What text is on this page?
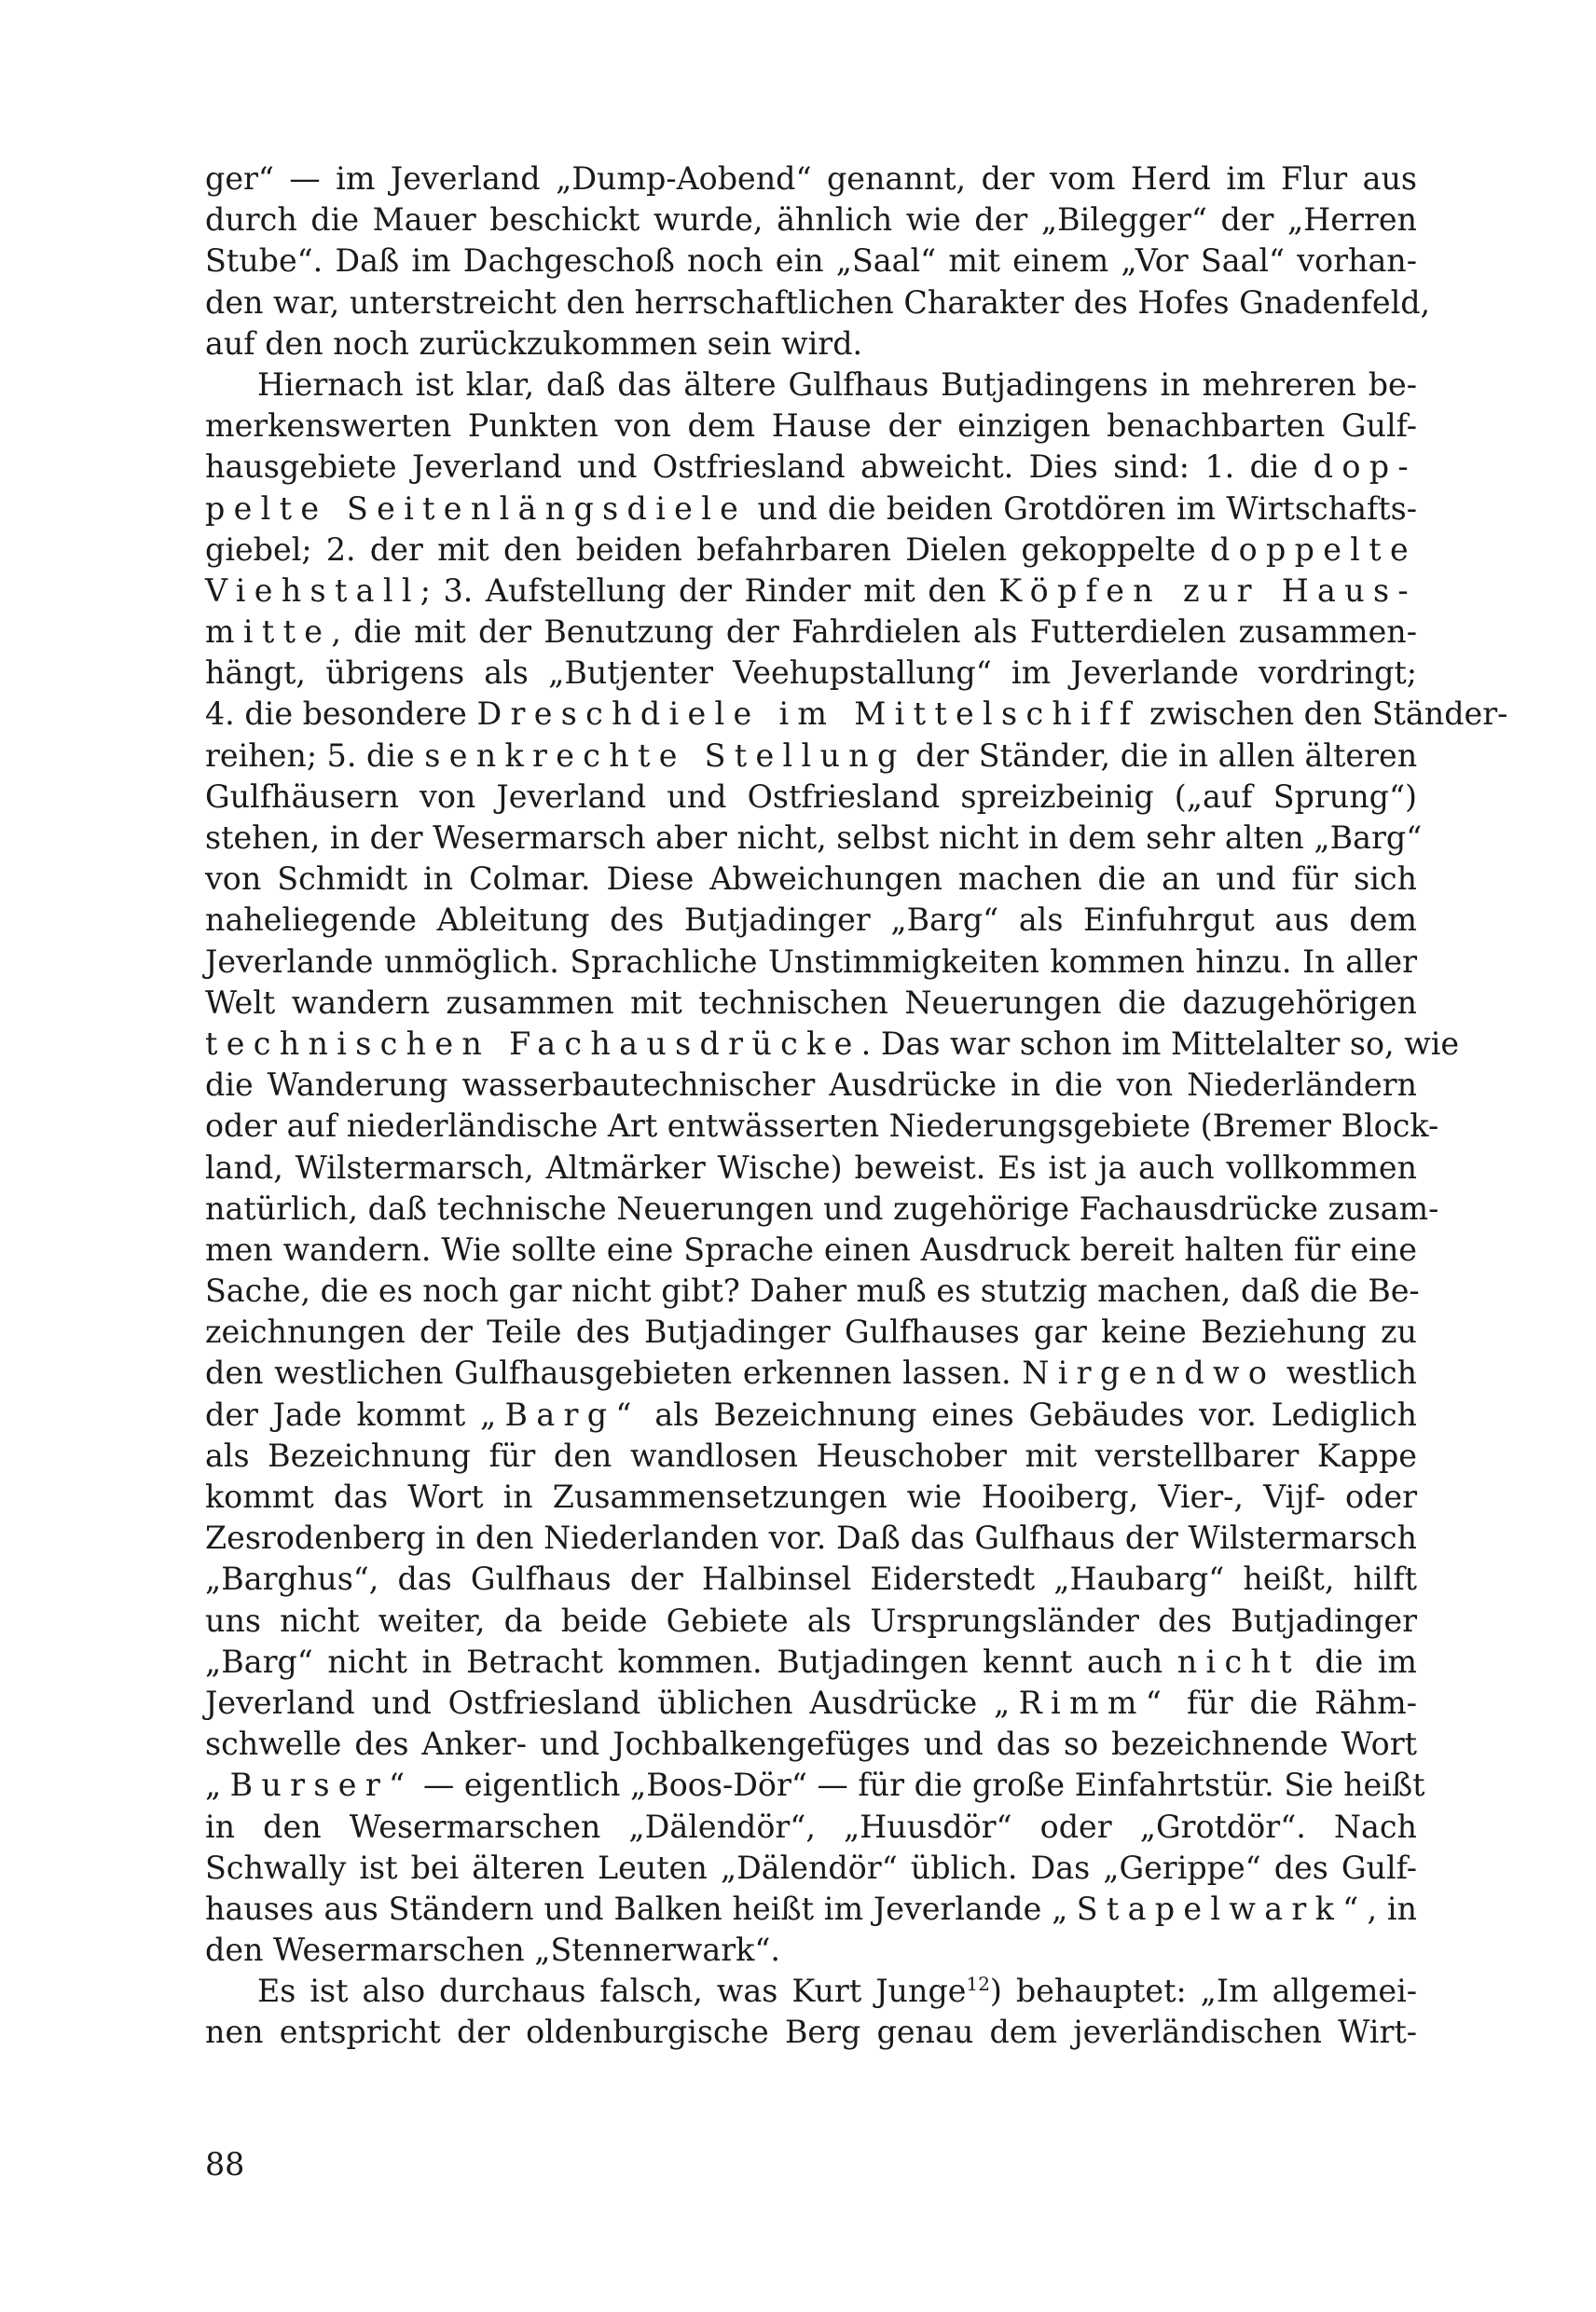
ger“ — im Jeverland „Dump-Aobend“ genannt, der vom Herd im Flur aus
durch die Mauer beschickt wurde, ähnlich wie der „Bilegger“ der „Herren
Stube“. Daß im Dachgeschoß noch ein „Saal“ mit einem „Vor Saal“ vorhan-
den war, unterstreicht den herrschaftlichen Charakter des Hofes Gnadenfeld,
auf den noch zurückzukommen sein wird.
Hiernach ist klar, daß das ältere Gulfhaus Butjadingens in mehreren be-
merkenswerten Punkten von dem Hause der einzigen benachbarten Gulf-
hausgebiete Jeverland und Ostfriesland abweicht. Dies sind: 1. die dop-
pelte Seitenlängsdiele und die beiden Grotdören im Wirtschafts-
giebel; 2. der mit den beiden befahrbaren Dielen gekoppelte doppelte
Viehstall; 3. Aufstellung der Rinder mit den Köpfen zur Haus-
mitte, die mit der Benutzung der Fahrdielen als Futterdielen zusammen-
hängt, übrigens als „Butjenter Veehupstallung“ im Jeverlande vordringt;
4. die besondere Dreschdiele im Mittelschiff zwischen den Ständer-
reihen; 5. die senkrechte Stellung der Ständer, die in allen älteren
Gulfhäusern von Jeverland und Ostfriesland spreizbeinig („auf Sprung“)
stehen, in der Wesermarsch aber nicht, selbst nicht in dem sehr alten „Barg“
von Schmidt in Colmar. Diese Abweichungen machen die an und für sich
naheliegende Ableitung des Butjadinger „Barg“ als Einfuhrgut aus dem
Jeverlande unmöglich. Sprachliche Unstimmigkeiten kommen hinzu. In aller
Welt wandern zusammen mit technischen Neuerungen die dazugehörigen
technischen Fachausdrücke. Das war schon im Mittelalter so, wie
die Wanderung wasserbautechnischer Ausdrücke in die von Niederländern
oder auf niederländische Art entwässerten Niederungsgebiete (Bremer Block-
land, Wilstermarsch, Altmärker Wische) beweist. Es ist ja auch vollkommen
natürlich, daß technische Neuerungen und zugehörige Fachausdrücke zusam-
men wandern. Wie sollte eine Sprache einen Ausdruck bereit halten für eine
Sache, die es noch gar nicht gibt? Daher muß es stutzig machen, daß die Be-
zeichnungen der Teile des Butjadinger Gulfhauses gar keine Beziehung zu
den westlichen Gulfhausgebieten erkennen lassen. Nirgendwo westlich
der Jade kommt „Barg“ als Bezeichnung eines Gebäudes vor. Lediglich
als Bezeichnung für den wandlosen Heuschober mit verstellbarer Kappe
kommt das Wort in Zusammensetzungen wie Hooiberg, Vier-, Vijf- oder
Zesrodenberg in den Niederlanden vor. Daß das Gulfhaus der Wilstermarsch
„Barghus“, das Gulfhaus der Halbinsel Eiderstedt „Haubarg“ heißt, hilft
uns nicht weiter, da beide Gebiete als Ursprungsländer des Butjadinger
„Barg“ nicht in Betracht kommen. Butjadingen kennt auch nicht die im
Jeverland und Ostfriesland üblichen Ausdrücke „Rimm“ für die Rähm-
schwelle des Anker- und Jochbalkengefüges und das so bezeichnende Wort
„Burser“ — eigentlich „Boos-Dör“ — für die große Einfahrtstür. Sie heißt
in den Wesermarschen „Dälendör“, „Huusdör“ oder „Grotdör“. Nach
Schwally ist bei älteren Leuten „Dälendör“ üblich. Das „Gerippe“ des Gulf-
hauses aus Ständern und Balken heißt im Jeverlande „Stapelwark“, in
den Wesermarschen „Stennerwark“.
Es ist also durchaus falsch, was Kurt Junge$^{12}$) behauptet: „Im allgemei-
nen entspricht der oldenburgische Berg genau dem jeverländischen Wirt-

88
